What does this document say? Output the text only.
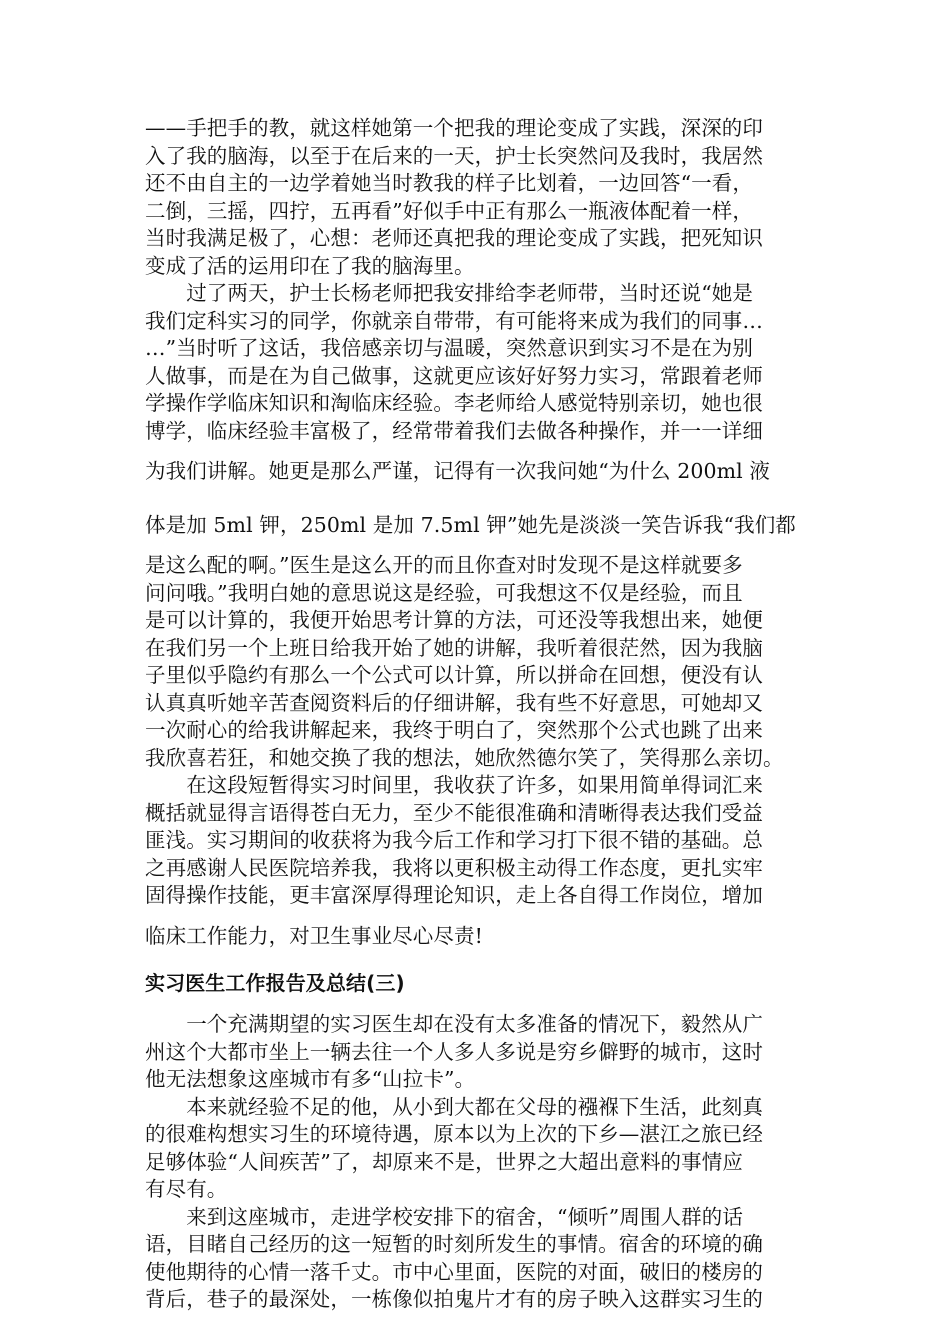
——手把手的教，就这样她第一个把我的理论变成了实践，深深的印
入了我的脑海，以至于在后来的一天，护士长突然问及我时，我居然
还不由自主的一边学着她当时教我的样子比划着，一边回答“一看，
二倒，三摇，四拧，五再看”好似手中正有那么一瓶液体配着一样，
当时我满足极了，心想：老师还真把我的理论变成了实践，把死知识
变成了活的运用印在了我的脑海里。
　　过了两天，护士长杨老师把我安排给李老师带，当时还说“她是
我们定科实习的同学，你就亲自带带，有可能将来成为我们的同事…
…”当时听了这话，我倍感亲切与温暖，突然意识到实习不是在为别
人做事，而是在为自己做事，这就更应该好好努力实习，常跟着老师
学操作学临床知识和淘临床经验。李老师给人感觉特别亲切，她也很
博学，临床经验丰富极了，经常带着我们去做各种操作，并一一详细
为我们讲解。她更是那么严谨，记得有一次我问她“为什么 200ml 液
体是加 5ml 钾，250ml 是加 7.5ml 钾”她先是淡淡一笑告诉我“我们都
是这么配的啊。”医生是这么开的而且你查对时发现不是这样就要多
问问哦。”我明白她的意思说这是经验，可我想这不仅是经验，而且
是可以计算的，我便开始思考计算的方法，可还没等我想出来，她便
在我们另一个上班日给我开始了她的讲解，我听着很茫然，因为我脑
子里似乎隐约有那么一个公式可以计算，所以拼命在回想，便没有认
认真真听她辛苦查阅资料后的仔细讲解，我有些不好意思，可她却又
一次耐心的给我讲解起来，我终于明白了，突然那个公式也跳了出来
我欣喜若狂，和她交换了我的想法，她欣然德尔笑了，笑得那么亲切。
　　在这段短暂得实习时间里，我收获了许多，如果用简单得词汇来
概括就显得言语得苍白无力，至少不能很准确和清晰得表达我们受益
匪浅。实习期间的收获将为我今后工作和学习打下很不错的基础。总
之再感谢人民医院培养我，我将以更积极主动得工作态度，更扎实牢
固得操作技能，更丰富深厚得理论知识，走上各自得工作岗位，增加
临床工作能力，对卫生事业尽心尽责!
实习医生工作报告及总结(三)
　　一个充满期望的实习医生却在没有太多准备的情况下，毅然从广
州这个大都市坐上一辆去往一个人多人多说是穷乡僻野的城市，这时
他无法想象这座城市有多“山拉卡”。
　　本来就经验不足的他，从小到大都在父母的襁褓下生活，此刻真
的很难构想实习生的环境待遇，原本以为上次的下乡—湛江之旅已经
足够体验“人间疾苦”了，却原来不是，世界之大超出意料的事情应
有尽有。
　　来到这座城市，走进学校安排下的宿舍，“倾听”周围人群的话
语，目睹自己经历的这一短暂的时刻所发生的事情。宿舍的环境的确
使他期待的心情一落千丈。市中心里面，医院的对面，破旧的楼房的
背后，巷子的最深处，一栋像似拍鬼片才有的房子映入这群实习生的
